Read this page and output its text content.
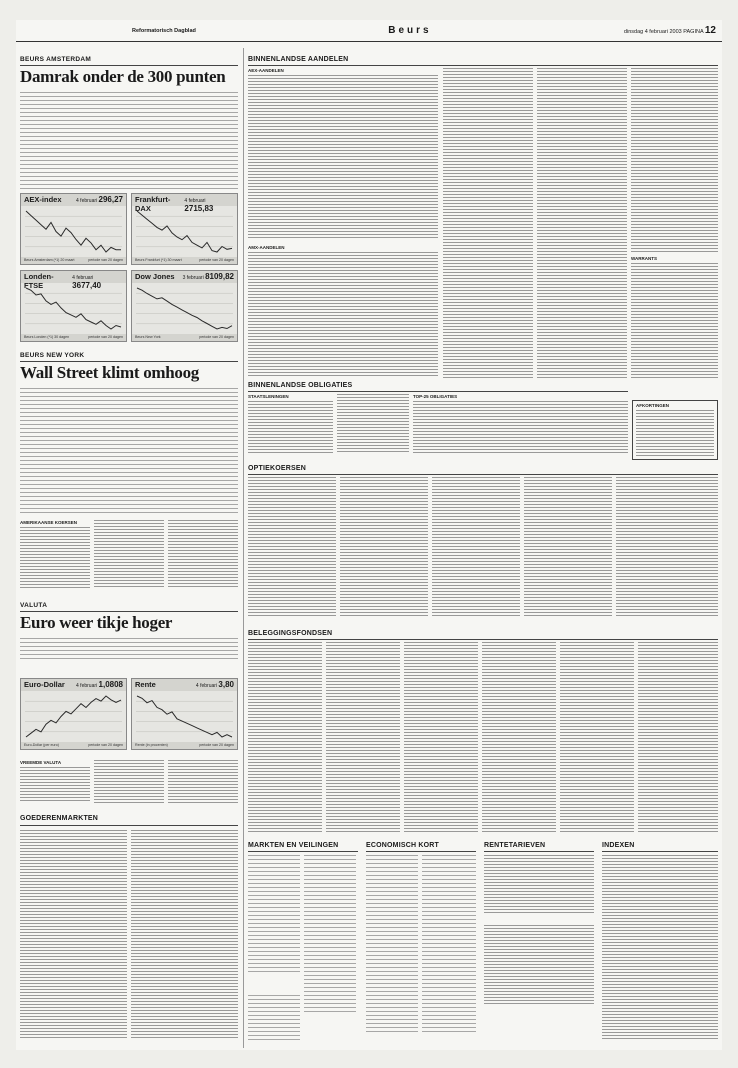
Reformatorisch Dagblad	Beurs	dinsdag 4 februari 2003 PAGINA 12
BEURS AMSTERDAM
Damrak onder de 300 punten
AEX-index	4 februari 296,27
Beurs Amsterdam (*1) 20 maart	periode van 20 dagen
Frankfurt-DAX
4 februari 2715,83
Beurs Frankfurt (*1) 30 maart	periode van 20 dagen
Londen-FTSE
4 februari 3677,40
Beurs Londen (*1) 30 dagen	periode van 20 dagen
Dow Jones 3 februari 8109,82
Beurs New York	periode van 20 dagen
BEURS NEW YORK
Wall Street klimt omhoog
AMERIKAANSE KOERSEN
VALUTA
Euro weer tikje hoger
Euro-Dollar 4 februari 1,0808
Euro-Dollar (per euro)	periode van 20 dagen
Rente	4 februari 3,80
Rente (in procenten)	periode van 20 dagen
VREEMDE VALUTA
GOEDERENMARKTEN
BINNENLANDSE AANDELEN
AEX-AANDELEN
AMX-AANDELEN
WARRANTS
BINNENLANDSE OBLIGATIES
STAATSLENINGEN	TOP-25 OBLIGATIES
AFKORTINGEN
OPTIEKOERSEN
BELEGGINGSFONDSEN
MARKTEN EN VEILINGEN	ECONOMISCH KORT	RENTETARIEVEN	INDEXEN
